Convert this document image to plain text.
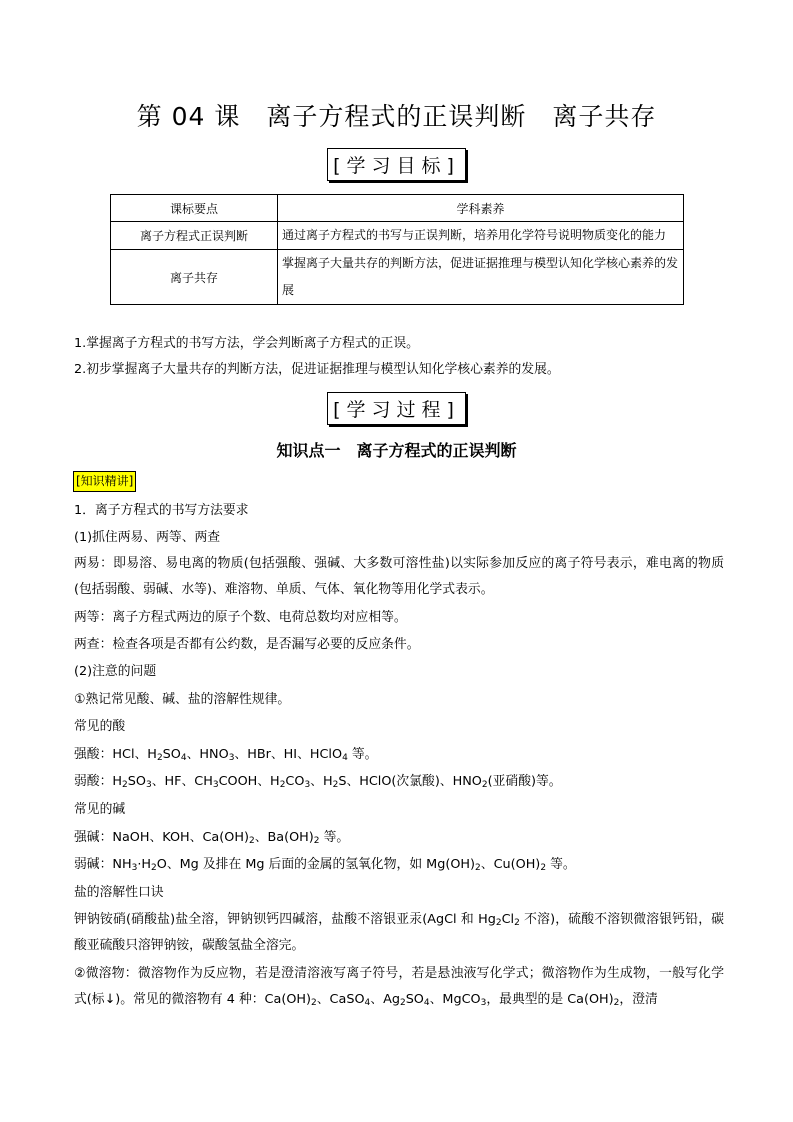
第 04 课　离子方程式的正误判断　离子共存
[学习目标]
课标要点	学科素养
离子方程式正误判断	通过离子方程式的书写与正误判断，培养用化学符号说明物质变化的能力
离子共存	掌握离子大量共存的判断方法，促进证据推理与模型认知化学核心素养的发展
1.掌握离子方程式的书写方法，学会判断离子方程式的正误。
2.初步掌握离子大量共存的判断方法，促进证据推理与模型认知化学核心素养的发展。
[学习过程]
知识点一　离子方程式的正误判断
[知识精讲]
1．离子方程式的书写方法要求
(1)抓住两易、两等、两查
两易：即易溶、易电离的物质(包括强酸、强碱、大多数可溶性盐)以实际参加反应的离子符号表示，难电离的物质(包括弱酸、弱碱、水等)、难溶物、单质、气体、氧化物等用化学式表示。
两等：离子方程式两边的原子个数、电荷总数均对应相等。
两查：检查各项是否都有公约数，是否漏写必要的反应条件。
(2)注意的问题
①熟记常见酸、碱、盐的溶解性规律。
常见的酸
强酸：HCl、$H_2SO_4$、$HNO_3$、HBr、HI、HClO$_4$ 等。
弱酸：$H_2SO_3$、HF、$CH_3COOH$、$H_2CO_3$、$H_2S$、HClO(次氯酸)、$HNO_2$(亚硝酸)等。
常见的碱
强碱：NaOH、KOH、$Ca(OH)_2$、$Ba(OH)_2$ 等。
弱碱：$NH_3\cdot H_2O$、Mg 及排在 Mg 后面的金属的氢氧化物，如 $Mg(OH)_2$、$Cu(OH)_2$ 等。
盐的溶解性口诀
钾钠铵硝(硝酸盐)盐全溶，钾钠钡钙四碱溶，盐酸不溶银亚汞(AgCl 和 $Hg_2Cl_2$ 不溶)，硫酸不溶钡微溶银钙铅，碳酸亚硫酸只溶钾钠铵，碳酸氢盐全溶完。
②微溶物：微溶物作为反应物，若是澄清溶液写离子符号，若是悬浊液写化学式；微溶物作为生成物，一般写化学式(标↓)。常见的微溶物有 4 种：$Ca(OH)_2$、CaSO$_4$、$Ag_2SO_4$、MgCO$_3$，最典型的是 $Ca(OH)_2$，澄清
